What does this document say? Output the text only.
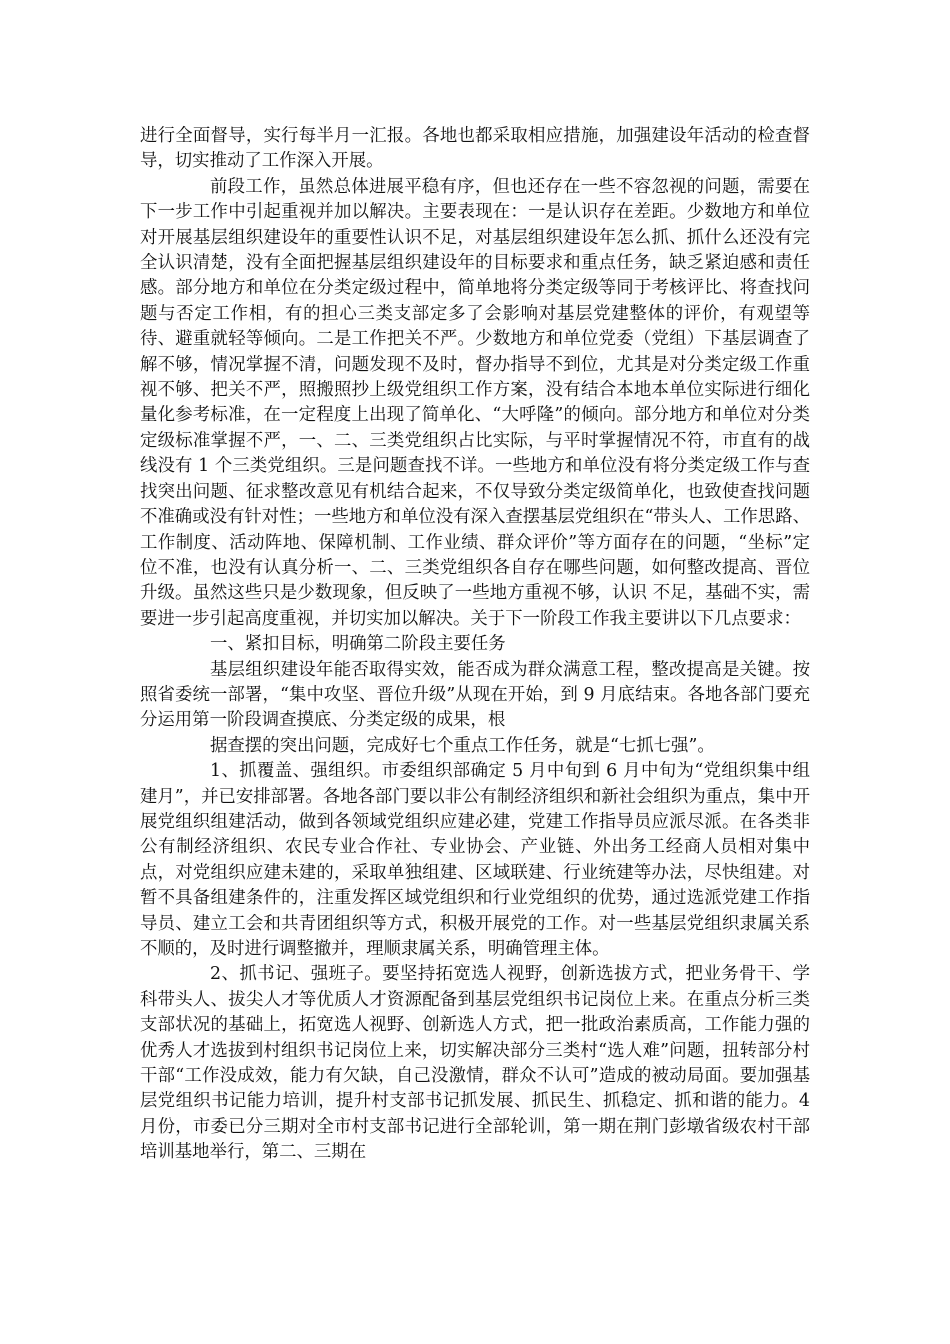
进行全面督导，实行每半月一汇报。各地也都采取相应措施，加强建设年活动的检查督导，切实推动了工作深入开展。

前段工作，虽然总体进展平稳有序，但也还存在一些不容忽视的问题，需要在下一步工作中引起重视并加以解决。主要表现在：一是认识存在差距。少数地方和单位对开展基层组织建设年的重要性认识不足，对基层组织建设年怎么抓、抓什么还没有完全认识清楚，没有全面把握基层组织建设年的目标要求和重点任务，缺乏紧迫感和责任感。部分地方和单位在分类定级过程中，简单地将分类定级等同于考核评比、将查找问题与否定工作相，有的担心三类支部定多了会影响对基层党建整体的评价，有观望等待、避重就轻等倾向。二是工作把关不严。少数地方和单位党委（党组）下基层调查了解不够，情况掌握不清，问题发现不及时，督办指导不到位，尤其是对分类定级工作重视不够、把关不严，照搬照抄上级党组织工作方案，没有结合本地本单位实际进行细化量化参考标准，在一定程度上出现了简单化、“大呼隆”的倾向。部分地方和单位对分类定级标准掌握不严，一、二、三类党组织占比实际，与平时掌握情况不符，市直有的战线没有 1 个三类党组织。三是问题查找不详。一些地方和单位没有将分类定级工作与查找突出问题、征求整改意见有机结合起来，不仅导致分类定级简单化，也致使查找问题不准确或没有针对性；一些地方和单位没有深入查摆基层党组织在“带头人、工作思路、工作制度、活动阵地、保障机制、工作业绩、群众评价”等方面存在的问题，“坐标”定位不准，也没有认真分析一、二、三类党组织各自存在哪些问题，如何整改提高、晋位升级。虽然这些只是少数现象，但反映了一些地方重视不够，认识 不足，基础不实，需要进一步引起高度重视，并切实加以解决。关于下一阶段工作我主要讲以下几点要求：

一、紧扣目标，明确第二阶段主要任务

基层组织建设年能否取得实效，能否成为群众满意工程，整改提高是关键。按照省委统一部署，“集中攻坚、晋位升级”从现在开始，到 9 月底结束。各地各部门要充分运用第一阶段调查摸底、分类定级的成果，根

据查摆的突出问题，完成好七个重点工作任务，就是“七抓七强”。

1、抓覆盖、强组织。市委组织部确定 5 月中旬到 6 月中旬为“党组织集中组建月”，并已安排部署。各地各部门要以非公有制经济组织和新社会组织为重点，集中开展党组织组建活动，做到各领域党组织应建必建，党建工作指导员应派尽派。在各类非公有制经济组织、农民专业合作社、专业协会、产业链、外出务工经商人员相对集中点，对党组织应建未建的，采取单独组建、区域联建、行业统建等办法，尽快组建。对暂不具备组建条件的，注重发挥区域党组织和行业党组织的优势，通过选派党建工作指导员、建立工会和共青团组织等方式，积极开展党的工作。对一些基层党组织隶属关系不顺的，及时进行调整撤并，理顺隶属关系，明确管理主体。

2、抓书记、强班子。要坚持拓宽选人视野，创新选拔方式，把业务骨干、学科带头人、拔尖人才等优质人才资源配备到基层党组织书记岗位上来。在重点分析三类支部状况的基础上，拓宽选人视野、创新选人方式，把一批政治素质高，工作能力强的优秀人才选拔到村组织书记岗位上来，切实解决部分三类村“选人难”问题，扭转部分村干部“工作没成效，能力有欠缺，自己没激情，群众不认可”造成的被动局面。要加强基层党组织书记能力培训，提升村支部书记抓发展、抓民生、抓稳定、抓和谐的能力。4 月份，市委已分三期对全市村支部书记进行全部轮训，第一期在荆门彭墩省级农村干部培训基地举行，第二、三期在
